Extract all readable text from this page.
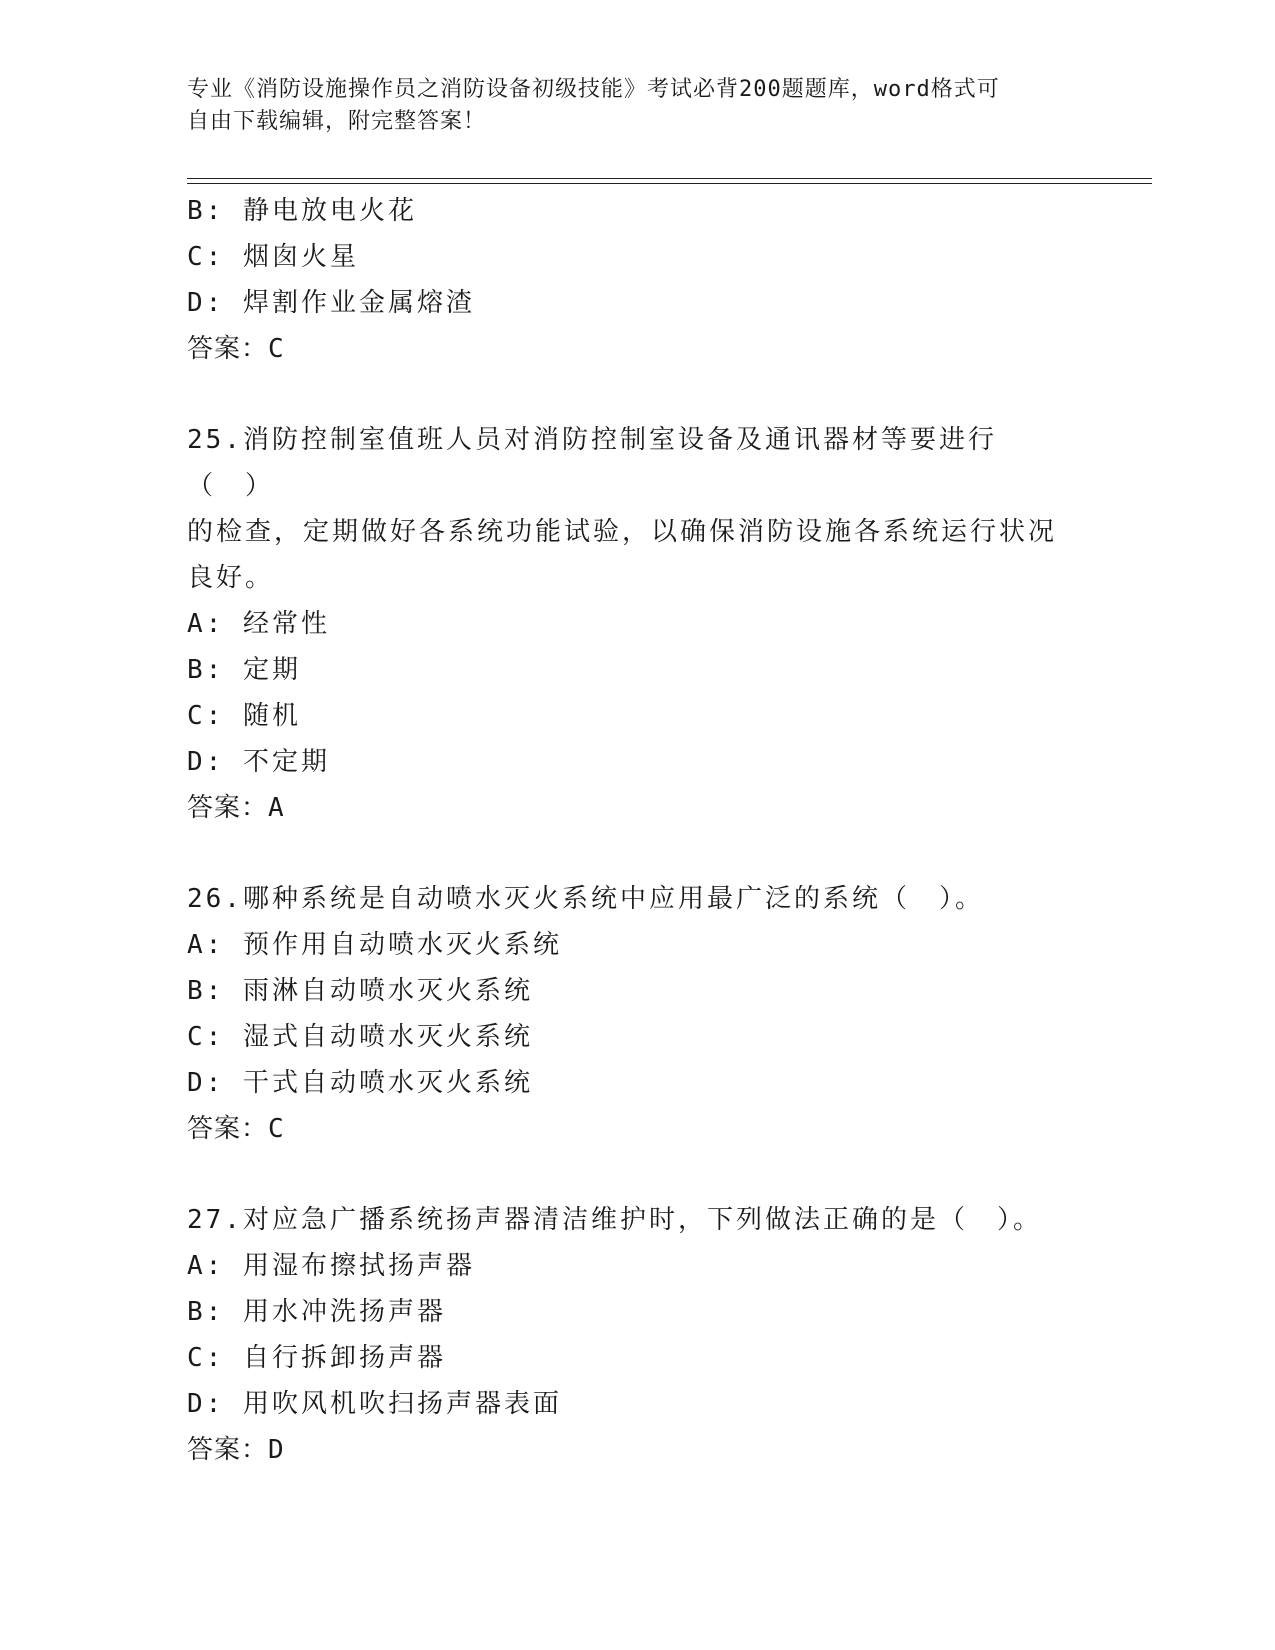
专业《消防设施操作员之消防设备初级技能》考试必背200题题库，word格式可
自由下载编辑，附完整答案！
B: 静电放电火花
C: 烟囱火星
D: 焊割作业金属熔渣
答案：C
25.消防控制室值班人员对消防控制室设备及通讯器材等要进行（　）
的检查，定期做好各系统功能试验，以确保消防设施各系统运行状况
良好。
A: 经常性
B: 定期
C: 随机
D: 不定期
答案：A
26.哪种系统是自动喷水灭火系统中应用最广泛的系统（　）。
A: 预作用自动喷水灭火系统
B: 雨淋自动喷水灭火系统
C: 湿式自动喷水灭火系统
D: 干式自动喷水灭火系统
答案：C
27.对应急广播系统扬声器清洁维护时，下列做法正确的是（　）。
A: 用湿布擦拭扬声器
B: 用水冲洗扬声器
C: 自行拆卸扬声器
D: 用吹风机吹扫扬声器表面
答案：D
